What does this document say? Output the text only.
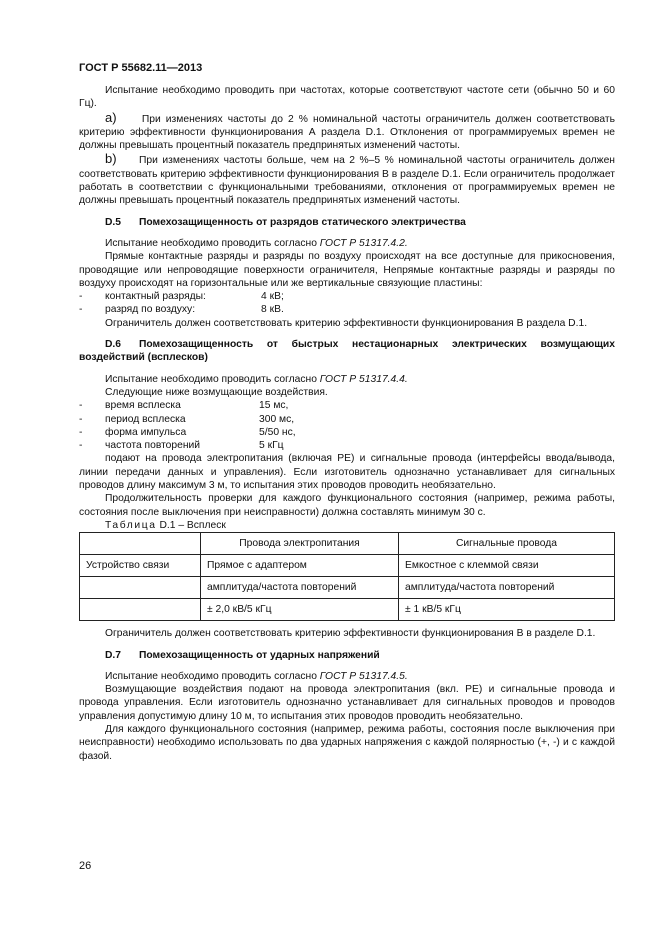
ГОСТ Р 55682.11—2013

Испытание необходимо проводить при частотах, которые соответствуют частоте сети (обычно 50 и 60 Гц).

а) При изменениях частоты до 2 % номинальной частоты ограничитель должен соответствовать критерию эффективности функционирования А раздела D.1. Отклонения от программируемых времен не должны превышать процентный показатель предпринятых изменений частоты.

b) При изменениях частоты больше, чем на 2 %–5 % номинальной частоты ограничитель должен соответствовать критерию эффективности функционирования В в разделе D.1. Если ограничитель продолжает работать в соответствии с функциональными требованиями, отклонения от программируемых времен не должны превышать процентный показатель предпринятых изменений частоты.

D.5 Помехозащищенность от разрядов статического электричества

Испытание необходимо проводить согласно ГОСТ Р 51317.4.2.

Прямые контактные разряды и разряды по воздуху происходят на все доступные для прикосновения, проводящие или непроводящие поверхности ограничителя, Непрямые контактные разряды и разряды по воздуху происходят на горизонтальные или же вертикальные связующие пластины:

- контактный разряды:	4 кВ;
- разряд по воздуху:	8 кВ.

Ограничитель должен соответствовать критерию эффективности функционирования В раздела D.1.

D.6 Помехозащищенность от быстрых нестационарных электрических возмущающих воздействий (всплесков)

Испытание необходимо проводить согласно ГОСТ Р 51317.4.4.

Следующие ниже возмущающие воздействия.

- время всплеска	15 мс,
- период всплеска	300 мс,
- форма импульса	5/50 нс,
- частота повторений	5 кГц

подают на провода электропитания (включая РЕ) и сигнальные провода (интерфейсы ввода/вывода, линии передачи данных и управления). Если изготовитель однозначно устанавливает для сигнальных проводов длину максимум 3 м, то испытания этих проводов проводить необязательно.

Продолжительность проверки для каждого функционального состояния (например, режима работы, состояния после выключения при неисправности) должна составлять минимум 30 с.

Таблица D.1 – Всплеск

	Провода электропитания	Сигнальные провода
Устройство связи	Прямое с адаптером	Емкостное с клеммой связи
	амплитуда/частота повторений	амплитуда/частота повторений
	± 2,0 кВ/5 кГц	± 1 кВ/5 кГц

Ограничитель должен соответствовать критерию эффективности функционирования В в разделе D.1.

D.7 Помехозащищенность от ударных напряжений

Испытание необходимо проводить согласно ГОСТ Р 51317.4.5.

Возмущающие воздействия подают на провода электропитания (вкл. РЕ) и сигнальные провода и провода управления. Если изготовитель однозначно устанавливает для сигнальных проводов и проводов управления допустимую длину 10 м, то испытания этих проводов проводить необязательно.

Для каждого функционального состояния (например, режима работы, состояния после выключения при неисправности) необходимо использовать по два ударных напряжения с каждой полярностью (+, -) и с каждой фазой.

26
